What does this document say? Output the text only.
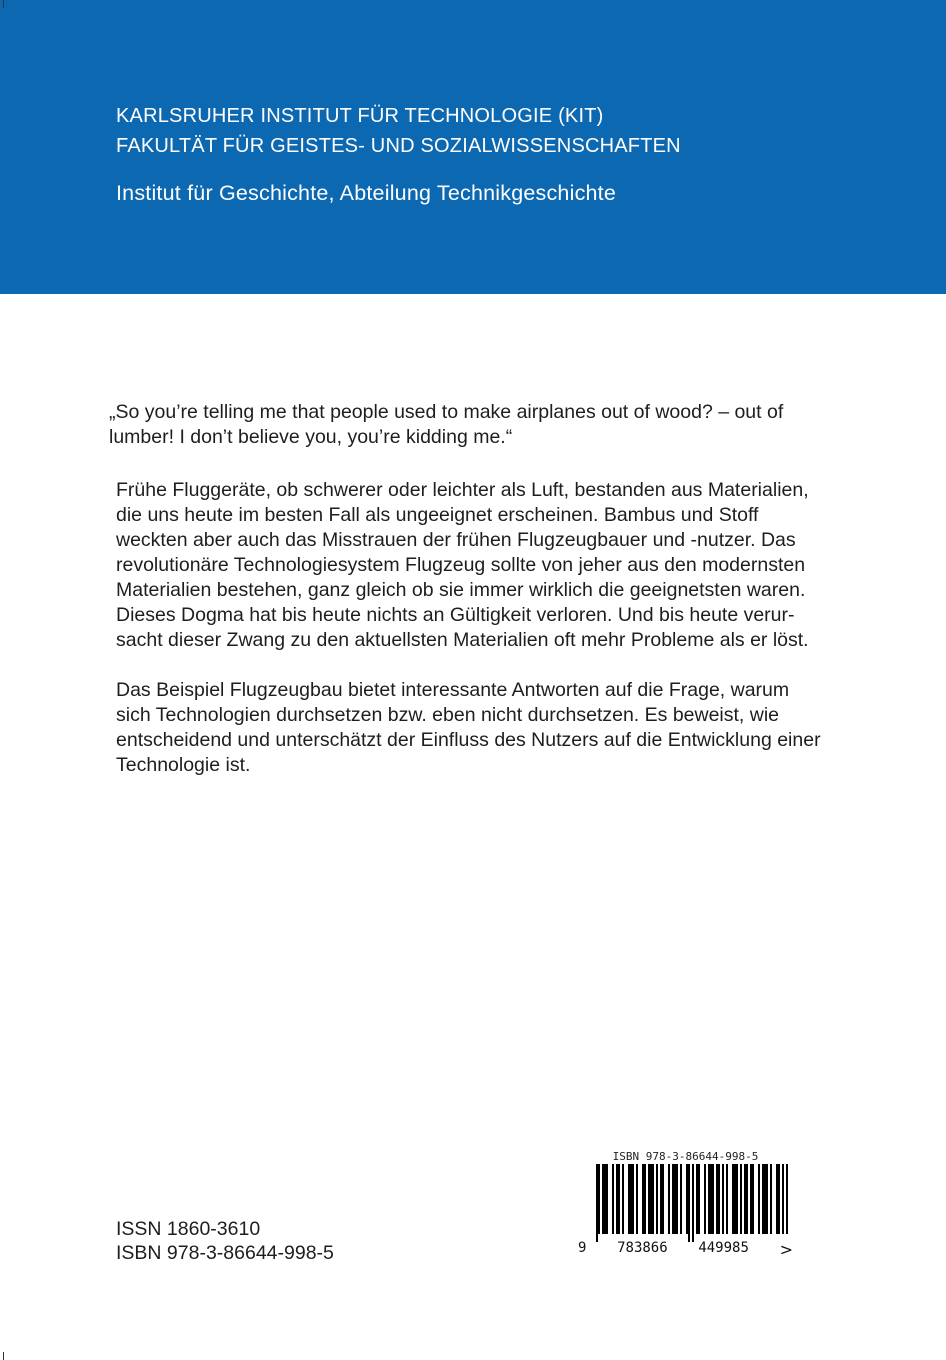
KARLSRUHER INSTITUT FÜR TECHNOLOGIE (KIT)
FAKULTÄT FÜR GEISTES- UND SOZIALWISSENSCHAFTEN
Institut für Geschichte, Abteilung Technikgeschichte

„So you’re telling me that people used to make airplanes out of wood? – out of

lumber! I don’t believe you, you’re kidding me.“

Frühe Fluggeräte, ob schwerer oder leichter als Luft, bestanden aus Materialien,

die uns heute im besten Fall als ungeeignet erscheinen. Bambus und Stoff

weckten aber auch das Misstrauen der frühen Flugzeugbauer und -nutzer. Das

revolutionäre Technologiesystem Flugzeug sollte von jeher aus den modernsten

Materialien bestehen, ganz gleich ob sie immer wirklich die geeignetsten waren.

Dieses Dogma hat bis heute nichts an Gültigkeit verloren. Und bis heute verur-

sacht dieser Zwang zu den aktuellsten Materialien oft mehr Probleme als er löst.

Das Beispiel Flugzeugbau bietet interessante Antworten auf die Frage, warum

sich Technologien durchsetzen bzw. eben nicht durchsetzen. Es beweist, wie

entscheidend und unterschätzt der Einfluss des Nutzers auf die Entwicklung einer

Technologie ist.

ISSN 1860-3610
ISBN 978-3-86644-998-5
ISBN 978-3-86644-998-5
9 783866 449985 >
